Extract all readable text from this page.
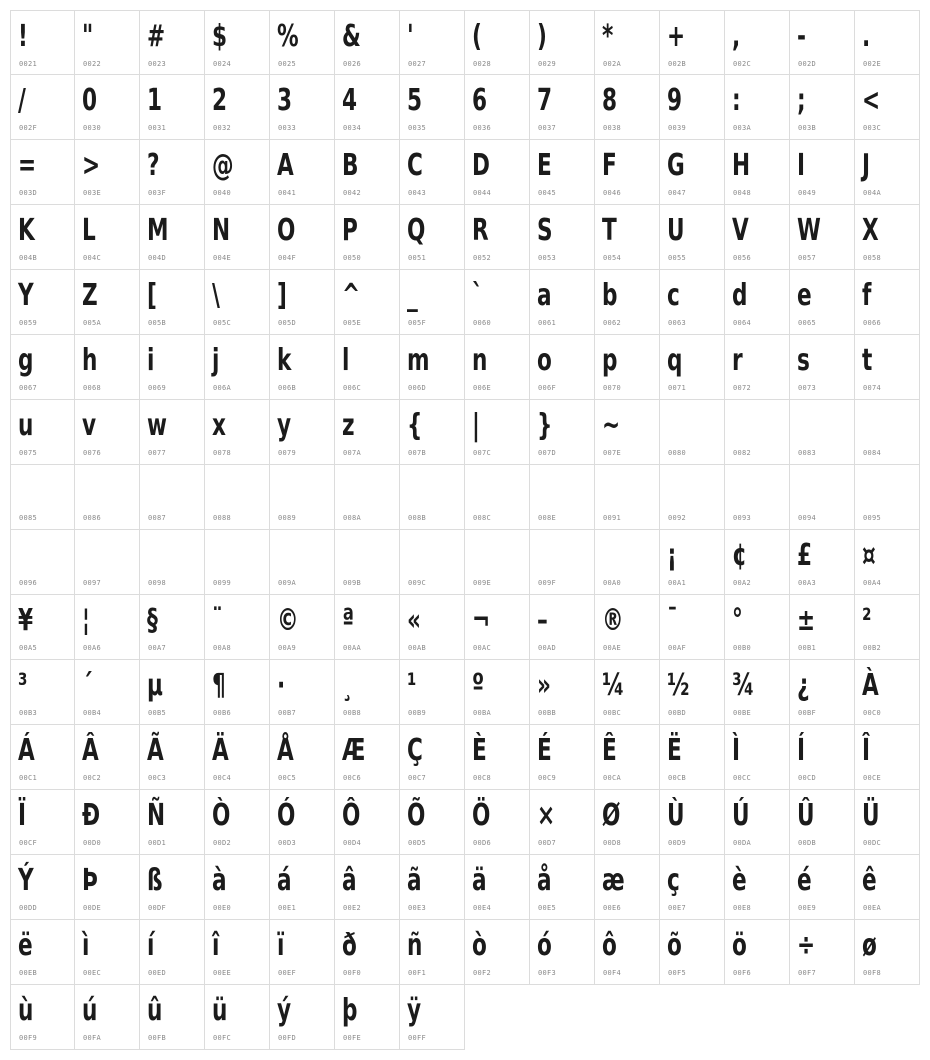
!
0021
"
0022
#
0023
$
0024
%
0025
&
0026
'
0027
(
0028
)
0029
*
002A
+
002B
,
002C
-
002D
.
002E
/
002F
0
0030
1
0031
2
0032
3
0033
4
0034
5
0035
6
0036
7
0037
8
0038
9
0039
:
003A
;
003B
<
003C
=
003D
>
003E
?
003F
@
0040
A
0041
B
0042
C
0043
D
0044
E
0045
F
0046
G
0047
H
0048
I
0049
J
004A
K
004B
L
004C
M
004D
N
004E
O
004F
P
0050
Q
0051
R
0052
S
0053
T
0054
U
0055
V
0056
W
0057
X
0058
Y
0059
Z
005A
[
005B
\
005C
]
005D
^
005E
_
005F
`
0060
a
0061
b
0062
c
0063
d
0064
e
0065
f
0066
g
0067
h
0068
i
0069
j
006A
k
006B
l
006C
m
006D
n
006E
o
006F
p
0070
q
0071
r
0072
s
0073
t
0074
u
0075
v
0076
w
0077
x
0078
y
0079
z
007A
{
007B
|
007C
}
007D
~
007E	0080	0082	0083	0084
0085	0086	0087	0088	0089	008A	008B	008C	008E	0091	0092	0093	0094	0095
0096	0097	0098	0099	009A	009B	009C	009E	009F	00A0
¡
00A1
¢
00A2
£
00A3
¤
00A4
¥
00A5
¦
00A6
§
00A7
¨
00A8
©
00A9
ª
00AA
«
00AB
¬
00AC
–
00AD
®
00AE
¯
00AF
°
00B0
±
00B1
²
00B2
³
00B3
´
00B4
µ
00B5
¶
00B6
·
00B7
¸
00B8
¹
00B9
º
00BA
»
00BB
¼
00BC
½
00BD
¾
00BE
¿
00BF
À
00C0
Á
00C1
Â
00C2
Ã
00C3
Ä
00C4
Å
00C5
Æ
00C6
Ç
00C7
È
00C8
É
00C9
Ê
00CA
Ë
00CB
Ì
00CC
Í
00CD
Î
00CE
Ï
00CF
Ð
00D0
Ñ
00D1
Ò
00D2
Ó
00D3
Ô
00D4
Õ
00D5
Ö
00D6
×
00D7
Ø
00D8
Ù
00D9
Ú
00DA
Û
00DB
Ü
00DC
Ý
00DD
Þ
00DE
ß
00DF
à
00E0
á
00E1
â
00E2
ã
00E3
ä
00E4
å
00E5
æ
00E6
ç
00E7
è
00E8
é
00E9
ê
00EA
ë
00EB
ì
00EC
í
00ED
î
00EE
ï
00EF
ð
00F0
ñ
00F1
ò
00F2
ó
00F3
ô
00F4
õ
00F5
ö
00F6
÷
00F7
ø
00F8
ù
00F9
ú
00FA
û
00FB
ü
00FC
ý
00FD
þ
00FE
ÿ
00FF
